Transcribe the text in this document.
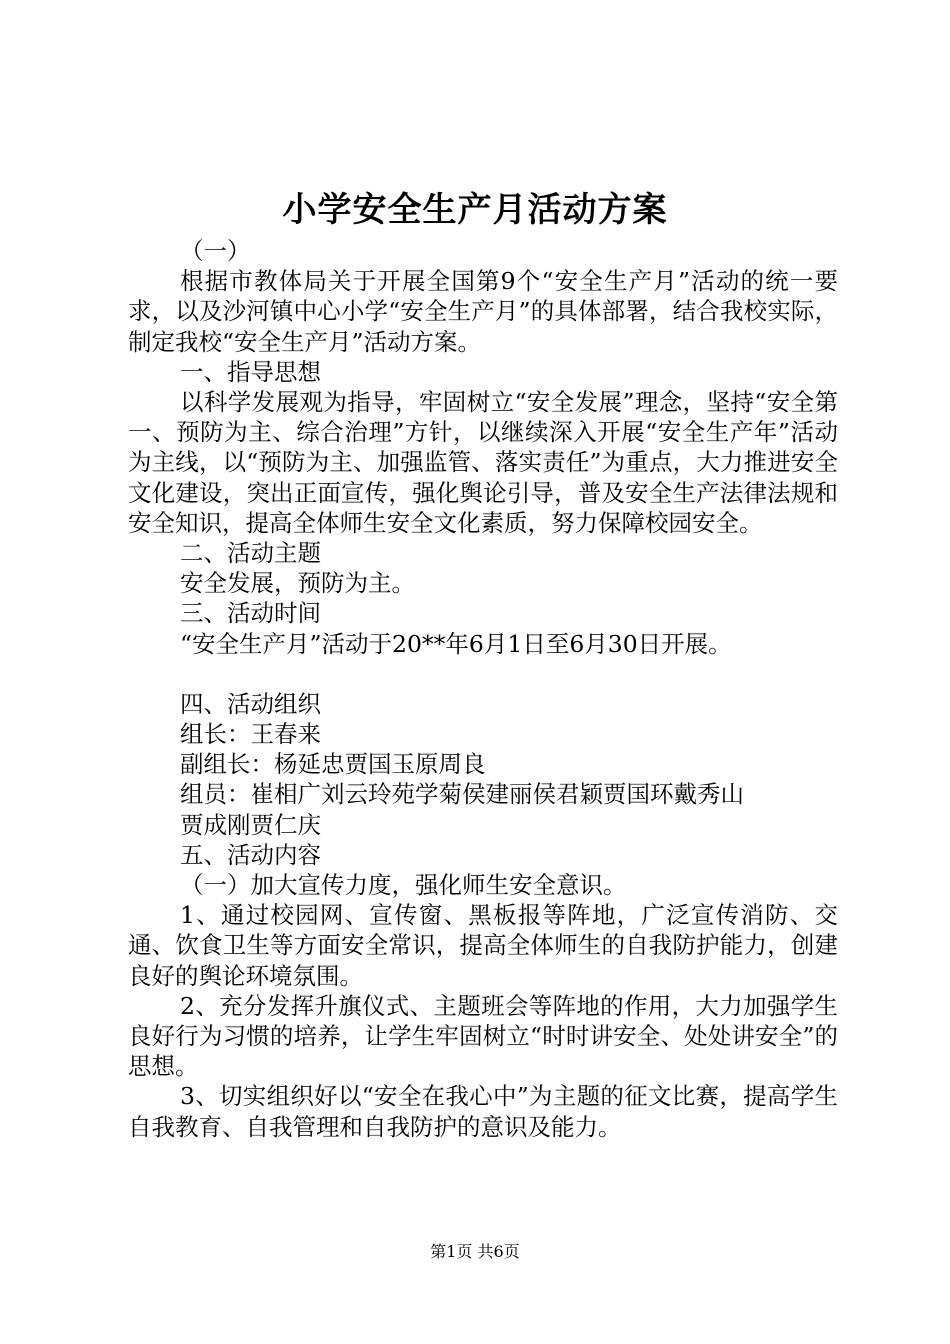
小学安全生产月活动方案

（一）

根据市教体局关于开展全国第9个“安全生产月”活动的统一要求，以及沙河镇中心小学“安全生产月”的具体部署，结合我校实际，制定我校“安全生产月”活动方案。

一、指导思想

以科学发展观为指导，牢固树立“安全发展”理念，坚持“安全第一、预防为主、综合治理”方针，以继续深入开展“安全生产年”活动为主线，以“预防为主、加强监管、落实责任”为重点，大力推进安全文化建设，突出正面宣传，强化舆论引导，普及安全生产法律法规和安全知识，提高全体师生安全文化素质，努力保障校园安全。

二、活动主题

安全发展，预防为主。

三、活动时间

“安全生产月”活动于20**年6月1日至6月30日开展。

四、活动组织

组长：王春来

副组长：杨延忠贾国玉原周良

组员：崔相广刘云玲苑学菊侯建丽侯君颖贾国环戴秀山

贾成刚贾仁庆

五、活动内容

（一）加大宣传力度，强化师生安全意识。

1、通过校园网、宣传窗、黑板报等阵地，广泛宣传消防、交通、饮食卫生等方面安全常识，提高全体师生的自我防护能力，创建良好的舆论环境氛围。

2、充分发挥升旗仪式、主题班会等阵地的作用，大力加强学生良好行为习惯的培养，让学生牢固树立“时时讲安全、处处讲安全”的思想。

3、切实组织好以“安全在我心中”为主题的征文比赛，提高学生自我教育、自我管理和自我防护的意识及能力。

第1页 共6页
